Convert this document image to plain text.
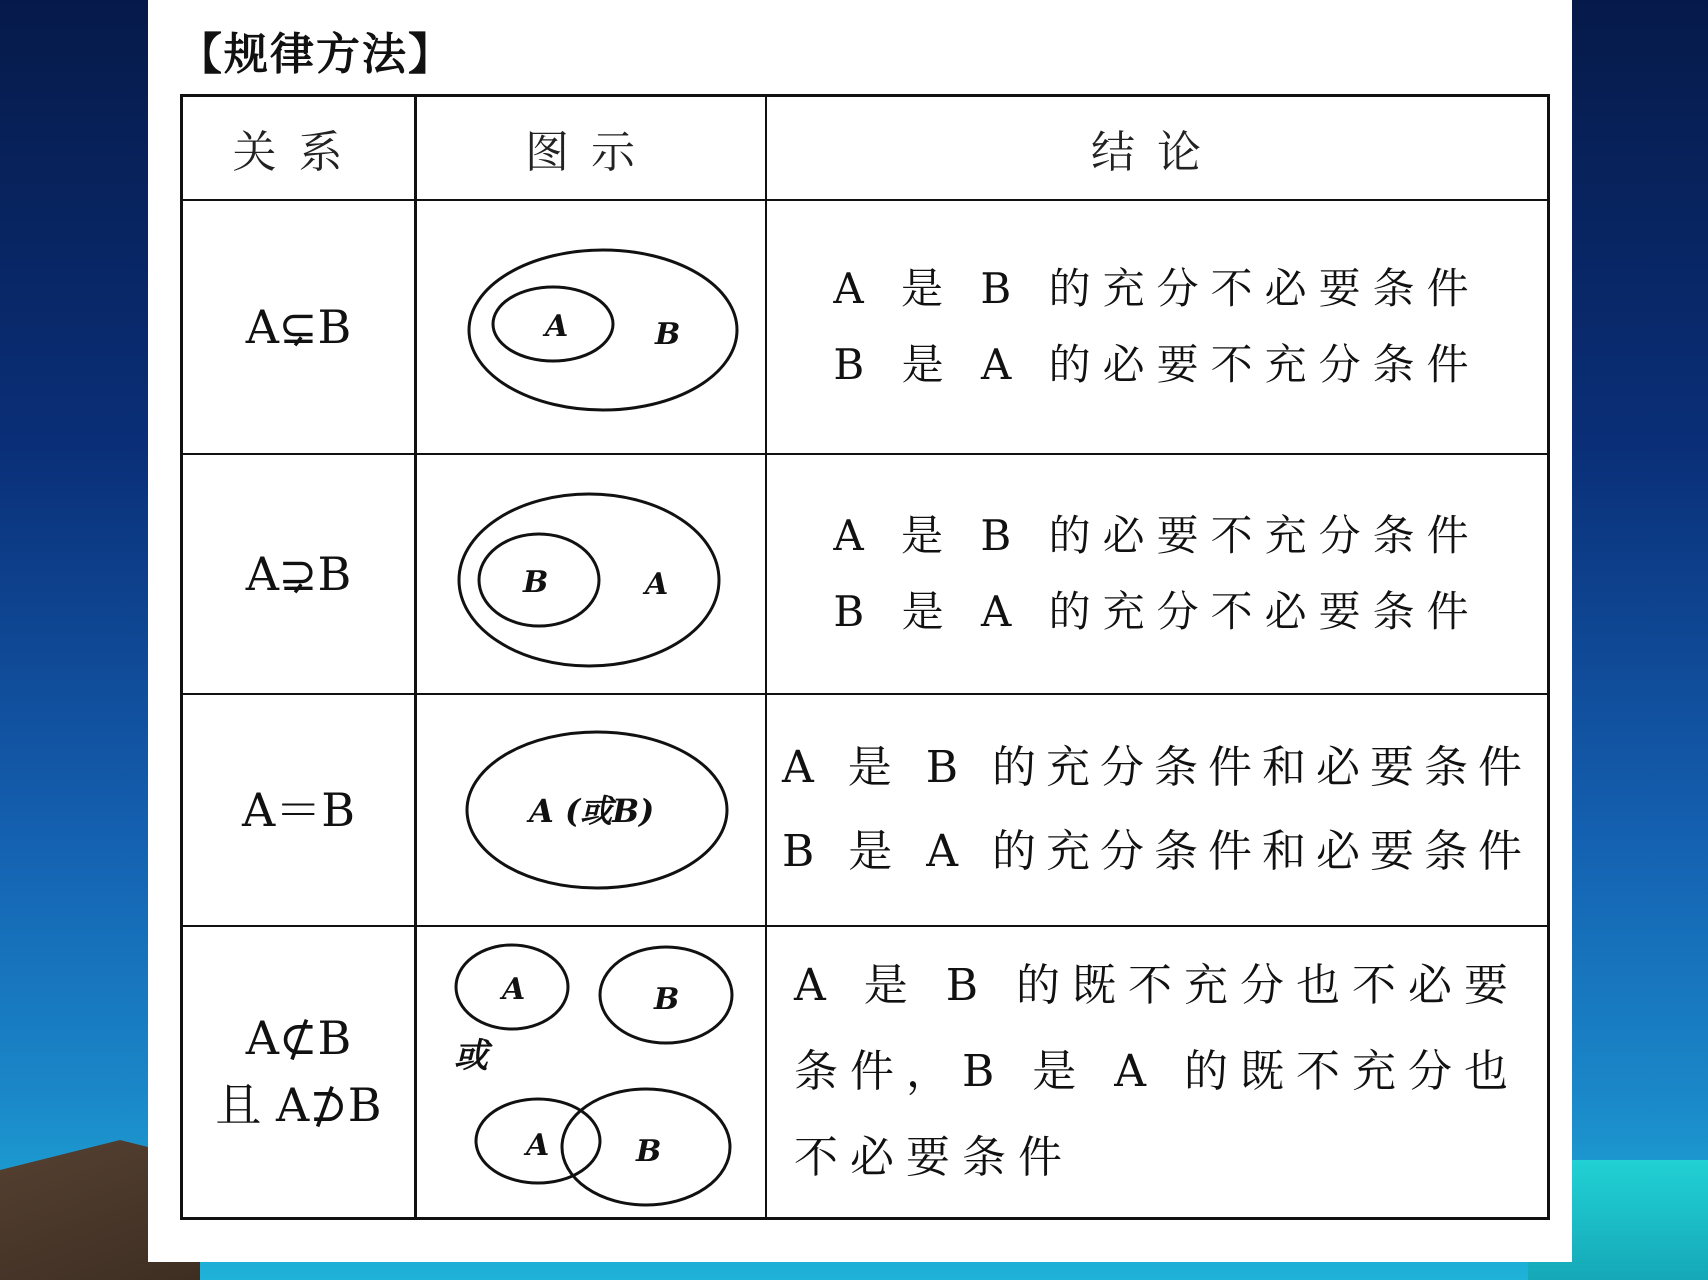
【规律方法】
关系	图示	结论
A⊊B	A	B
A 是 B 的充分不必要条件
B 是 A 的必要不充分条件
A⊋B	B	A
A 是 B 的必要不充分条件
B 是 A 的充分不必要条件
A＝B	A (或B)
A 是 B 的充分条件和必要条件
B 是 A 的充分条件和必要条件
A⊄B
且 A⊅B
A	B
或
A	B
A 是 B 的既不充分也不必要
条件，B 是 A 的既不充分也
不必要条件
